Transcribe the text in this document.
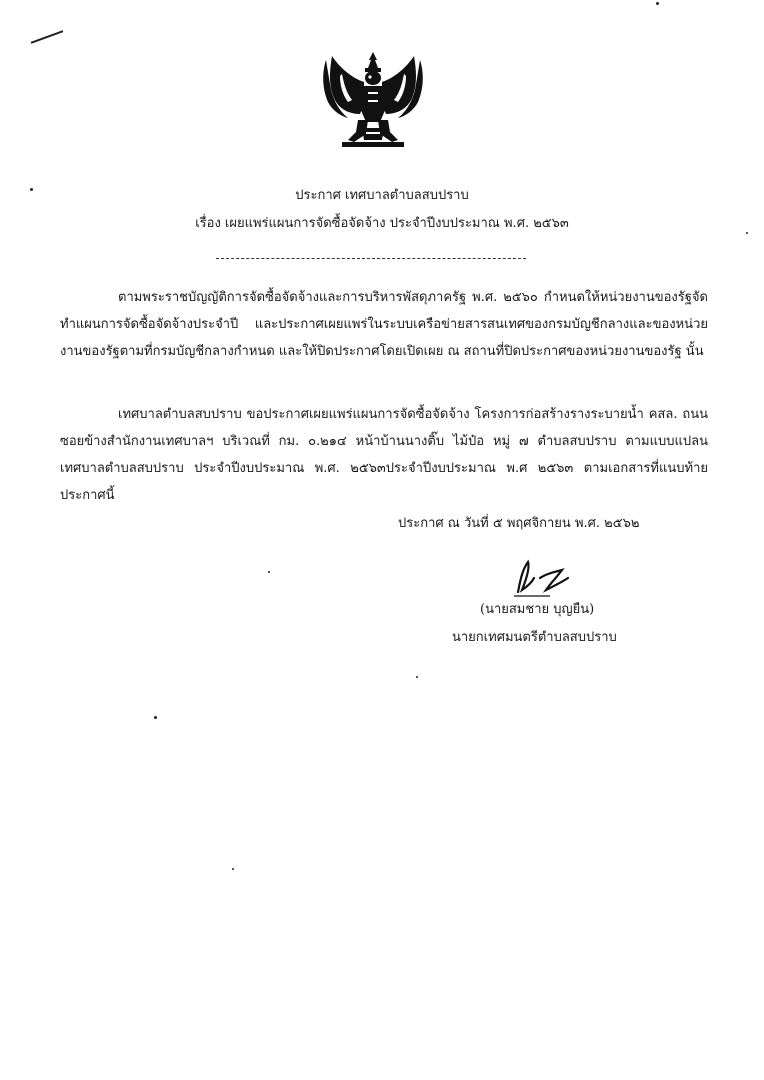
ประกาศ เทศบาลตำบลสบปราบ
เรื่อง เผยแพร่แผนการจัดซื้อจัดจ้าง ประจำปีงบประมาณ พ.ศ. ๒๕๖๓

ตามพระราชบัญญัติการจัดซื้อจัดจ้างและการบริหารพัสดุภาครัฐ พ.ศ. ๒๕๖๐ กำหนดให้หน่วยงานของรัฐจัดทำแผนการจัดซื้อจัดจ้างประจำปี และประกาศเผยแพร่ในระบบเครือข่ายสารสนเทศของกรมบัญชีกลางและของหน่วยงานของรัฐตามที่กรมบัญชีกลางกำหนด และให้ปิดประกาศโดยเปิดเผย ณ สถานที่ปิดประกาศของหน่วยงานของรัฐ นั้น

เทศบาลตำบลสบปราบ ขอประกาศเผยแพร่แผนการจัดซื้อจัดจ้าง โครงการก่อสร้างรางระบายน้ำ คสล. ถนนซอยข้างสำนักงานเทศบาลฯ บริเวณที่ กม. ๐.๒๑๔ หน้าบ้านนางติ๊บ ไม้ป๋อ หมู่ ๗ ตำบลสบปราบ ตามแบบแปลนเทศบาลตำบลสบปราบ ประจำปีงบประมาณ พ.ศ. ๒๕๖๓ประจำปีงบประมาณ พ.ศ ๒๕๖๓ ตามเอกสารที่แนบท้ายประกาศนี้

ประกาศ ณ วันที่ ๕ พฤศจิกายน พ.ศ. ๒๕๖๒
(นายสมชาย บุญยืน)
นายกเทศมนตรีตำบลสบปราบ
